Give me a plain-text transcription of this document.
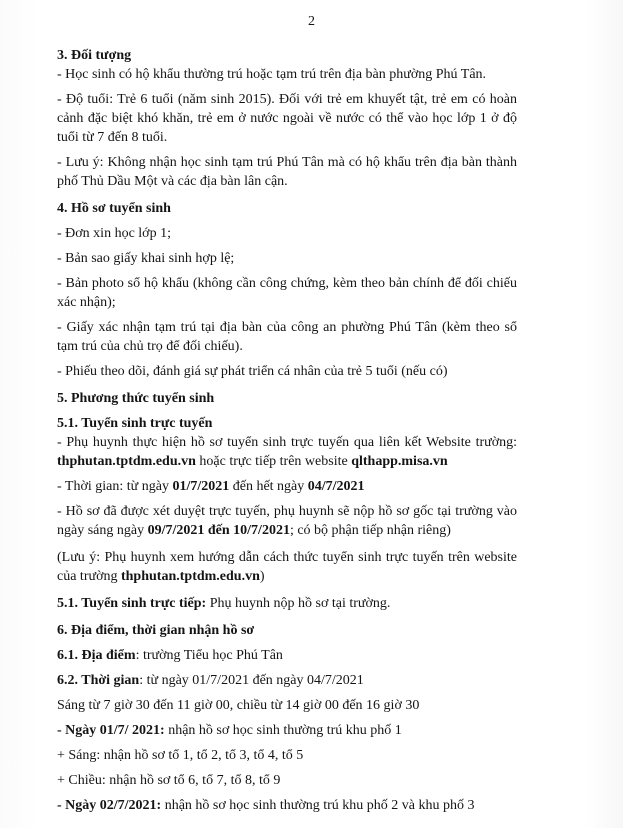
2

3. Đối tượng

- Học sinh có hộ khẩu thường trú hoặc tạm trú trên địa bàn phường Phú Tân.

- Độ tuổi: Trẻ 6 tuổi (năm sinh 2015). Đối với trẻ em khuyết tật, trẻ em có hoàn cảnh đặc biệt khó khăn, trẻ em ở nước ngoài về nước có thể vào học lớp 1 ở độ tuổi từ 7 đến 8 tuổi.

- Lưu ý: Không nhận học sinh tạm trú Phú Tân mà có hộ khẩu trên địa bàn thành phố Thủ Dầu Một và các địa bàn lân cận.

4. Hồ sơ tuyển sinh

- Đơn xin học lớp 1;

- Bản sao giấy khai sinh hợp lệ;

- Bản photo sổ hộ khẩu (không cần công chứng, kèm theo bản chính để đối chiếu xác nhận);

- Giấy xác nhận tạm trú tại địa bàn của công an phường Phú Tân (kèm theo sổ tạm trú của chủ trọ để đối chiếu).

- Phiếu theo dõi, đánh giá sự phát triển cá nhân của trẻ 5 tuổi (nếu có)

5. Phương thức tuyển sinh

5.1. Tuyển sinh trực tuyến

- Phụ huynh thực hiện hồ sơ tuyển sinh trực tuyến qua liên kết Website trường: thphutan.tptdm.edu.vn hoặc trực tiếp trên website qlthapp.misa.vn

- Thời gian: từ ngày 01/7/2021 đến hết ngày 04/7/2021

- Hồ sơ đã được xét duyệt trực tuyến, phụ huynh sẽ nộp hồ sơ gốc tại trường vào ngày sáng ngày 09/7/2021 đến 10/7/2021; có bộ phận tiếp nhận riêng)

(Lưu ý: Phụ huynh xem hướng dẫn cách thức tuyển sinh trực tuyến trên website của trường thphutan.tptdm.edu.vn)

5.1. Tuyển sinh trực tiếp: Phụ huynh nộp hồ sơ tại trường.

6. Địa điểm, thời gian nhận hồ sơ

6.1. Địa điểm: trường Tiểu học Phú Tân

6.2. Thời gian: từ ngày 01/7/2021 đến ngày 04/7/2021

Sáng từ 7 giờ 30 đến 11 giờ 00, chiều từ 14 giờ 00 đến 16 giờ 30

- Ngày 01/7/ 2021: nhận hồ sơ học sinh thường trú khu phố 1

+ Sáng: nhận hồ sơ tổ 1, tổ 2, tổ 3, tổ 4, tổ 5

+ Chiều: nhận hồ sơ tổ 6, tổ 7, tổ 8, tổ 9

- Ngày 02/7/2021: nhận hồ sơ học sinh thường trú khu phố 2 và khu phố 3
